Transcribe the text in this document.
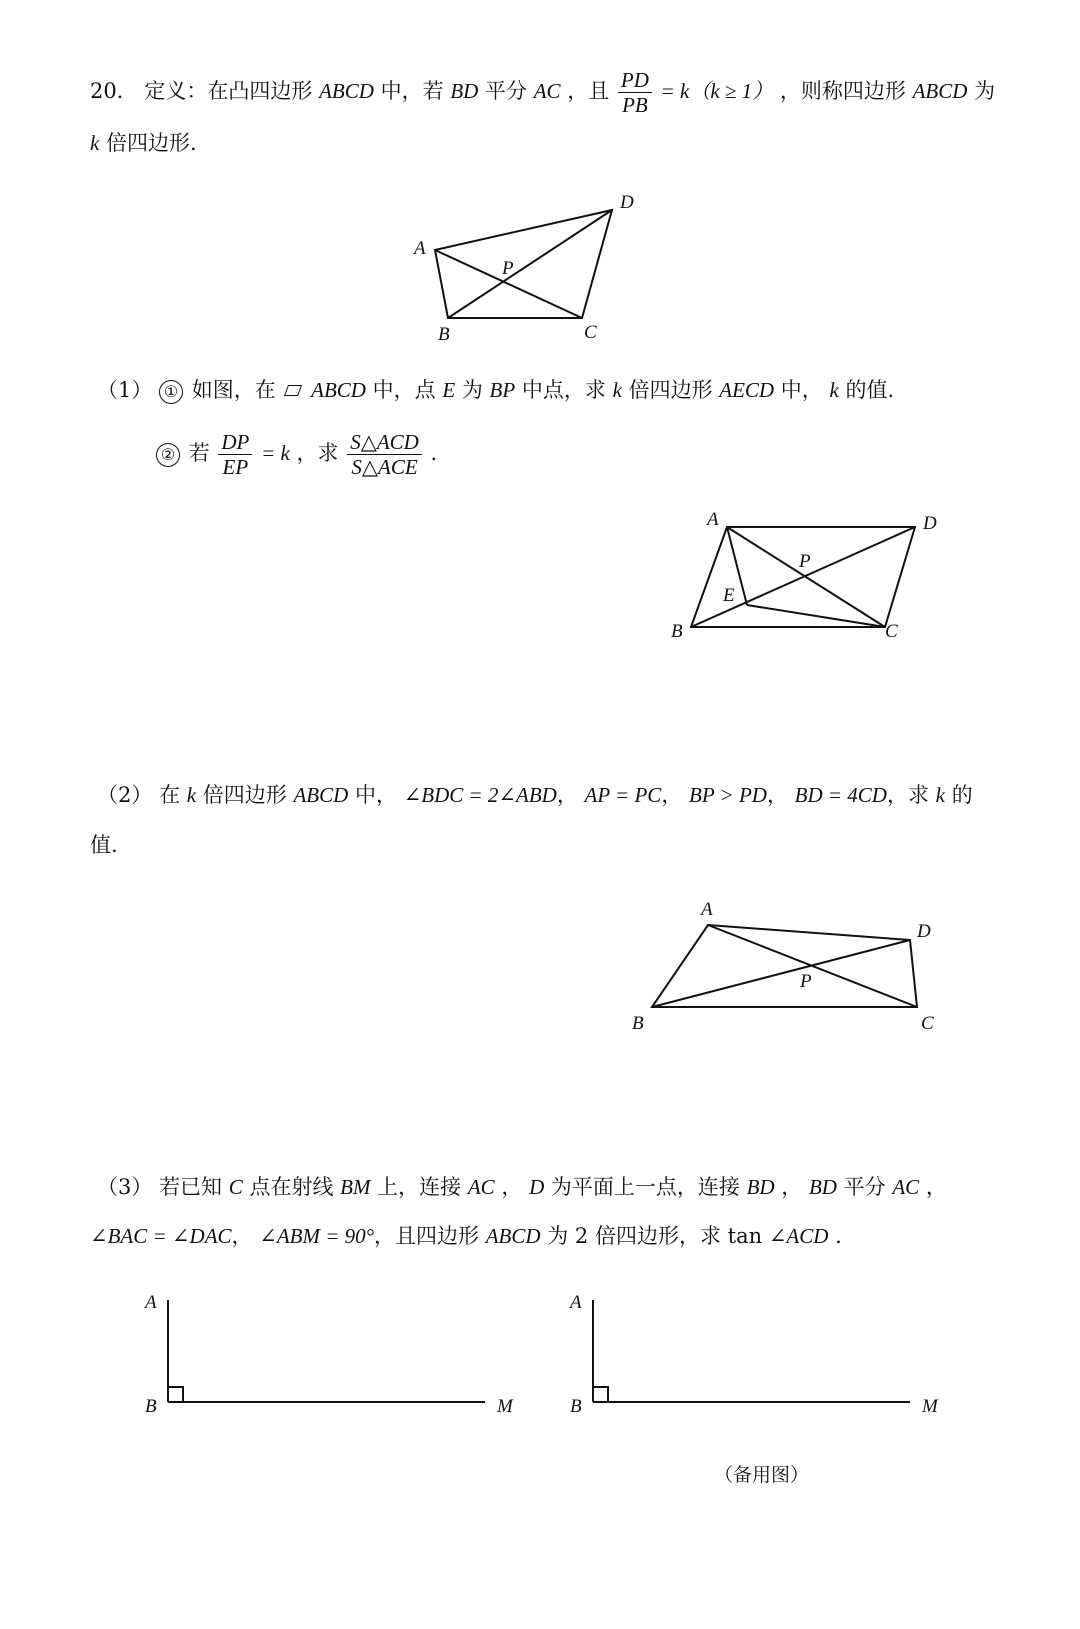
20． 定义：在凸四边形 ABCD 中，若 BD 平分 AC ，且 $\frac{PD}{PB} = k(k \ge 1)$ ，则称四边形 ABCD 为
k 倍四边形.
A
D
P
B	C
（1） ① 如图，在 ABCD 中，点 E 为 BP 中点，求 k 倍四边形 AECD 中， k 的值.
② 若 $\frac{DP}{EP} = k$ ，求 $\frac{\text{S△ACD}}{\text{S△ACE}}$ .
A	D
P
E
B	C
（2） 在 k 倍四边形 ABCD 中， ∠BDC = 2∠ABD， AP = PC， BP > PD， BD = 4CD，求 k 的
值.
A
D
P
B	C
（3） 若已知 C 点在射线 BM 上，连接 AC ， D 为平面上一点，连接 BD ， BD 平分 AC ，
∠BAC = ∠DAC， ∠ABM = 90°，且四边形 ABCD 为 2 倍四边形，求 tan ∠ACD .
A
B	M
A
B	M
（备用图）
